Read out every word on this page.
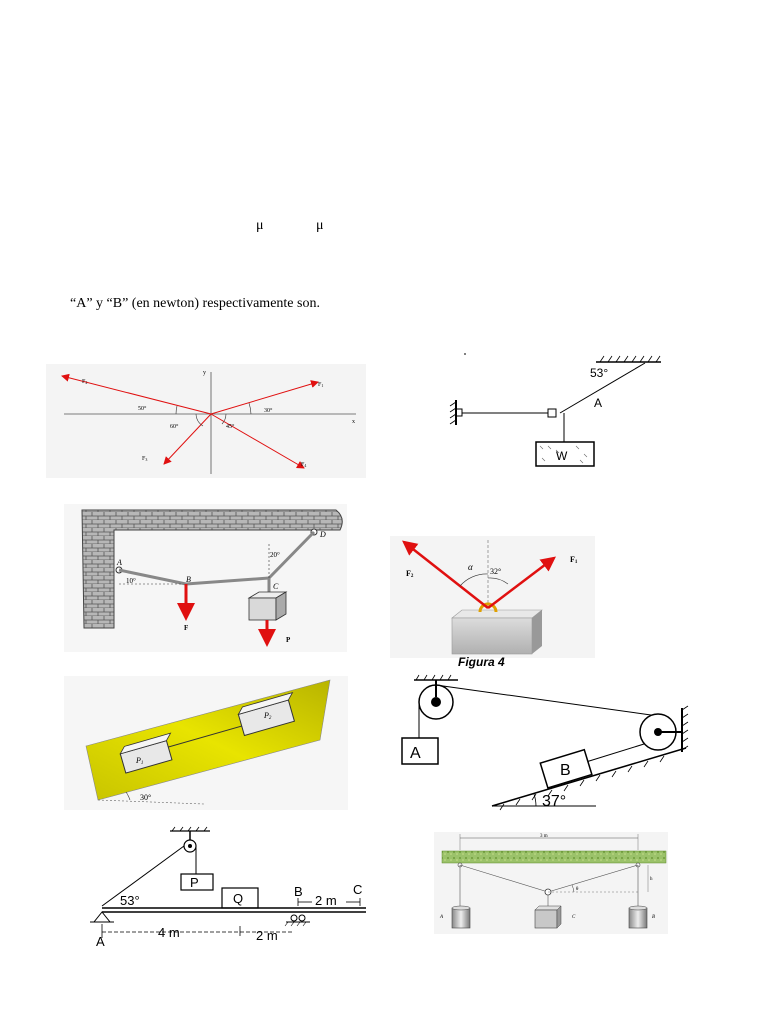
μ	μ
“A” y “B” (en newton) respectivamente son.
y
x
F2	F1
F3
F4
50°	30°
60°	45°
53°
A
W
A
B
C
D
10°
20°
F
P
F2
F1
α 32°
Figura 4
P1
P2
30°
A
B
37°
53°
P
Q	B	C
2 m
A
4 m	2 m
3 m
θ
h
A	C	B
